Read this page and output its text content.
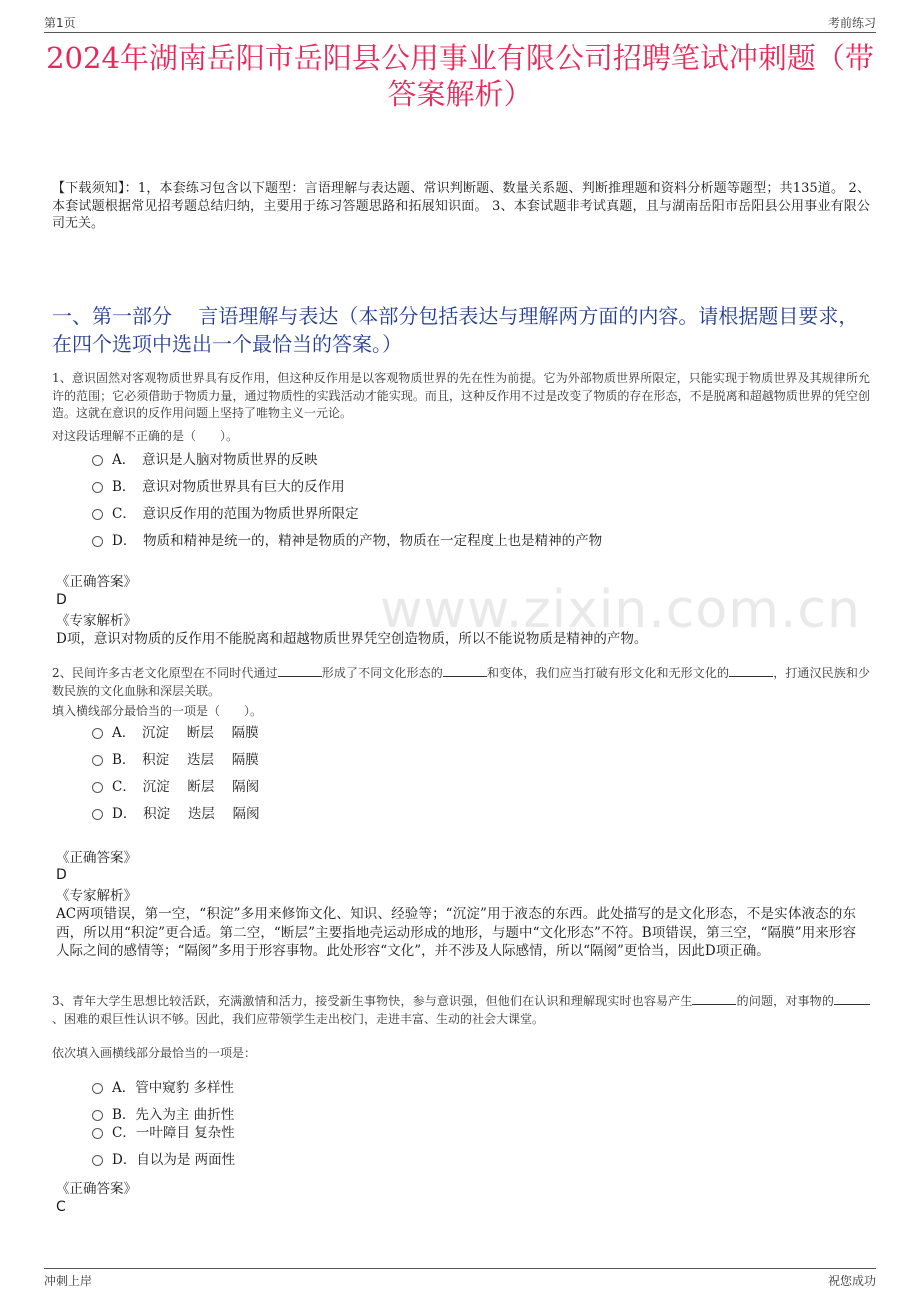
第1页	考前练习
www.zixin.com.cn
2024年湖南岳阳市岳阳县公用事业有限公司招聘笔试冲刺题（带答案解析）
【下载须知】：1，本套练习包含以下题型：言语理解与表达题、常识判断题、数量关系题、判断推理题和资料分析题等题型；共135道。 2、本套试题根据常见招考题总结归纳，主要用于练习答题思路和拓展知识面。 3、本套试题非考试真题，且与湖南岳阳市岳阳县公用事业有限公司无关。
一、第一部分　 言语理解与表达（本部分包括表达与理解两方面的内容。请根据题目要求，在四个选项中选出一个最恰当的答案。）
1、意识固然对客观物质世界具有反作用，但这种反作用是以客观物质世界的先在性为前提。它为外部物质世界所限定，只能实现于物质世界及其规律所允许的范围；它必须借助于物质力量，通过物质性的实践活动才能实现。而且，这种反作用不过是改变了物质的存在形态，不是脱离和超越物质世界的凭空创造。这就在意识的反作用问题上坚持了唯物主义一元论。
对这段话理解不正确的是（　　）。
A．　意识是人脑对物质世界的反映
B．　意识对物质世界具有巨大的反作用
C．　意识反作用的范围为物质世界所限定
D．　物质和精神是统一的，精神是物质的产物，物质在一定程度上也是精神的产物
《正确答案》
D
《专家解析》
D项，意识对物质的反作用不能脱离和超越物质世界凭空创造物质，所以不能说物质是精神的产物。
2、民间许多古老文化原型在不同时代通过	形成了不同文化形态的	和变体，我们应当打破有形文化和无形文化的	，打通汉民族和少数民族的文化血脉和深层关联。
填入横线部分最恰当的一项是（　　）。
A．　沉淀　 断层　 隔膜
B．　积淀　 迭层　 隔膜
C．　沉淀　 断层　 隔阂
D．　积淀　 迭层　 隔阂
《正确答案》
D
《专家解析》
AC两项错误，第一空，“积淀”多用来修饰文化、知识、经验等；“沉淀”用于液态的东西。此处描写的是文化形态，不是实体液态的东西，所以用“积淀”更合适。第二空，“断层”主要指地壳运动形成的地形，与题中“文化形态”不符。B项错误，第三空，“隔膜”用来形容人际之间的感情等；“隔阂”多用于形容事物。此处形容“文化”，并不涉及人际感情，所以“隔阂”更恰当，因此D项正确。
3、青年大学生思想比较活跃，充满激情和活力，接受新生事物快，参与意识强，但他们在认识和理解现实时也容易产生	的问题，对事物的、困难的艰巨性认识不够。因此，我们应带领学生走出校门，走进丰富、生动的社会大课堂。
依次填入画横线部分最恰当的一项是：
A．管中窥豹 多样性
B．先入为主 曲折性
C．一叶障目 复杂性
D．自以为是 两面性
《正确答案》
C
冲刺上岸	祝您成功
